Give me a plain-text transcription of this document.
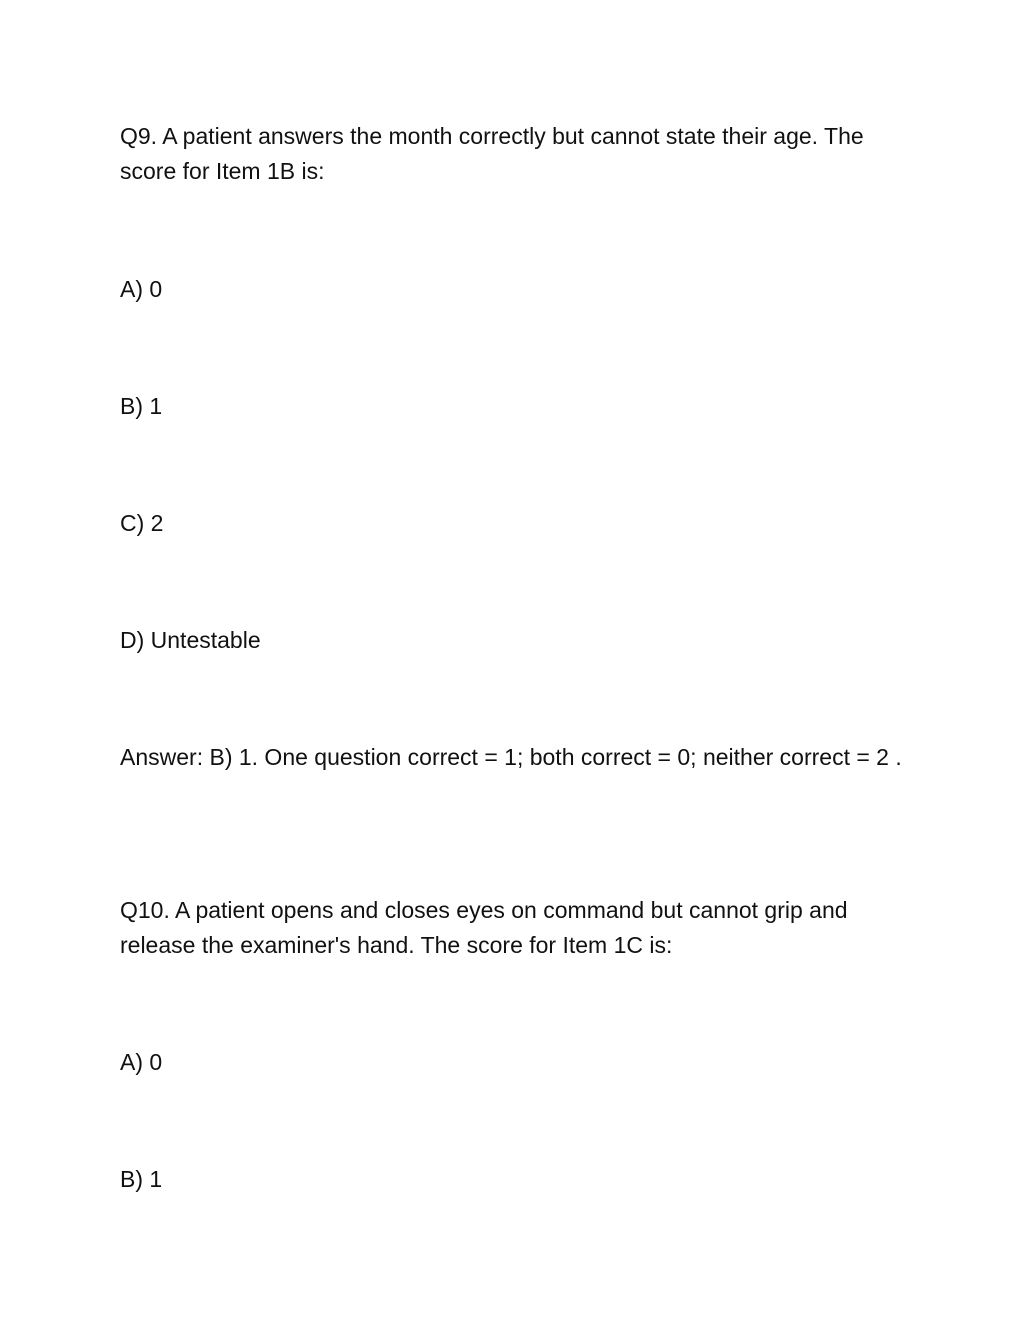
Q9. A patient answers the month correctly but cannot state their age. The score for Item 1B is:
A) 0
B) 1
C) 2
D) Untestable
Answer: B) 1. One question correct = 1; both correct = 0; neither correct = 2 .
Q10. A patient opens and closes eyes on command but cannot grip and release the examiner's hand. The score for Item 1C is:
A) 0
B) 1
